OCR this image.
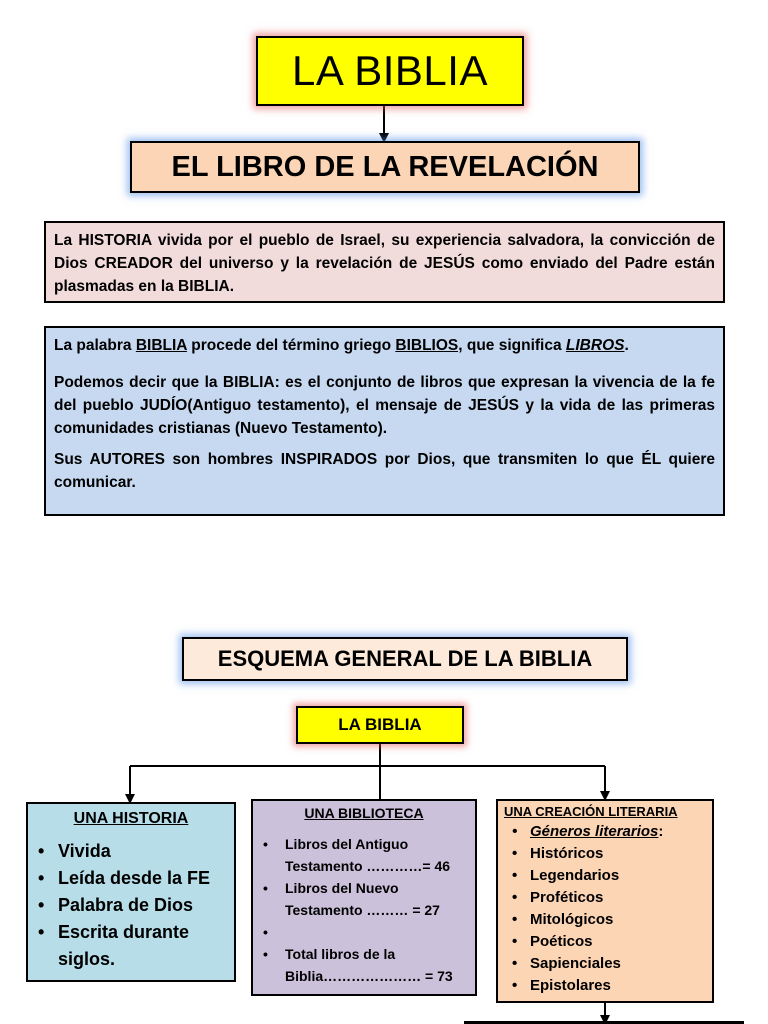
LA BIBLIA
EL LIBRO DE LA REVELACIÓN
La HISTORIA vivida por el pueblo de Israel, su experiencia salvadora, la convicción de Dios CREADOR del universo y la revelación de JESÚS como enviado del Padre están plasmadas en la BIBLIA.

La palabra BIBLIA procede del término griego BIBLIOS, que significa LIBROS.

Podemos decir que la BIBLIA: es el conjunto de libros que expresan la vivencia de la fe del pueblo JUDÍO(Antiguo testamento), el mensaje de JESÚS y la vida de las primeras comunidades cristianas (Nuevo Testamento).

Sus AUTORES son hombres INSPIRADOS por Dios, que transmiten lo que ÉL quiere comunicar.

ESQUEMA GENERAL DE LA BIBLIA
LA BIBLIA
UNA HISTORIA
• Vivida
• Leída desde la FE
• Palabra de Dios
• Escrita durante siglos.
UNA BIBLIOTECA
• Libros del Antiguo Testamento …………= 46
• Libros del Nuevo Testamento ……… = 27
•
• Total libros de la Biblia………………… = 73
UNA CREACIÓN LITERARIA
• Géneros literarios:
• Históricos
• Legendarios
• Proféticos
• Mitológicos
• Poéticos
• Sapienciales
• Epistolares
